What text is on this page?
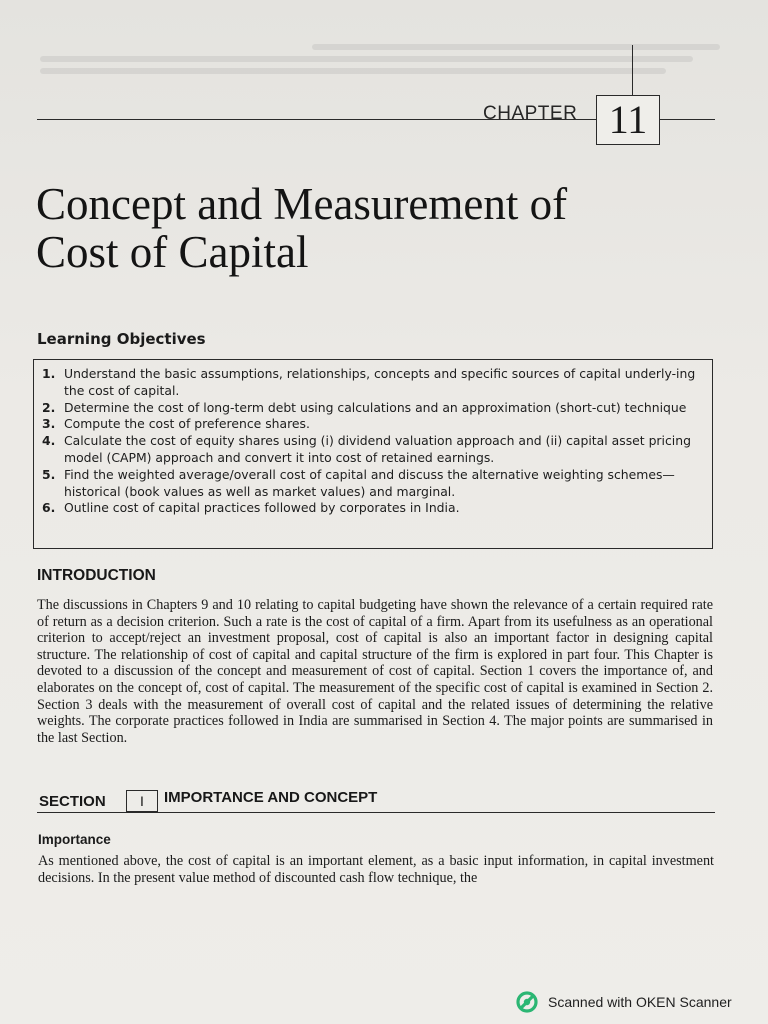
CHAPTER 11
Concept and Measurement of
Cost of Capital
Learning Objectives
1. Understand the basic assumptions, relationships, concepts and specific sources of capital underly-ing the cost of capital.
2. Determine the cost of long-term debt using calculations and an approximation (short-cut) technique
3. Compute the cost of preference shares.
4. Calculate the cost of equity shares using (i) dividend valuation approach and (ii) capital asset pricing model (CAPM) approach and convert it into cost of retained earnings.
5. Find the weighted average/overall cost of capital and discuss the alternative weighting schemes— historical (book values as well as market values) and marginal.
6. Outline cost of capital practices followed by corporates in India.
INTRODUCTION

The discussions in Chapters 9 and 10 relating to capital budgeting have shown the relevance of a certain required rate of return as a decision criterion. Such a rate is the cost of capital of a firm. Apart from its usefulness as an operational criterion to accept/reject an investment proposal, cost of capital is also an important factor in designing capital structure. The relationship of cost of capital and capital structure of the firm is explored in part four. This Chapter is devoted to a discussion of the concept and measurement of cost of capital. Section 1 covers the importance of, and elaborates on the concept of, cost of capital. The measurement of the specific cost of capital is examined in Section 2. Section 3 deals with the measurement of overall cost of capital and the related issues of determining the relative weights. The corporate practices followed in India are summarised in Section 4. The major points are summarised in the last Section.

SECTION I IMPORTANCE AND CONCEPT
Importance

As mentioned above, the cost of capital is an important element, as a basic input information, in capital investment decisions. In the present value method of discounted cash flow technique, the

Scanned with OKEN Scanner
